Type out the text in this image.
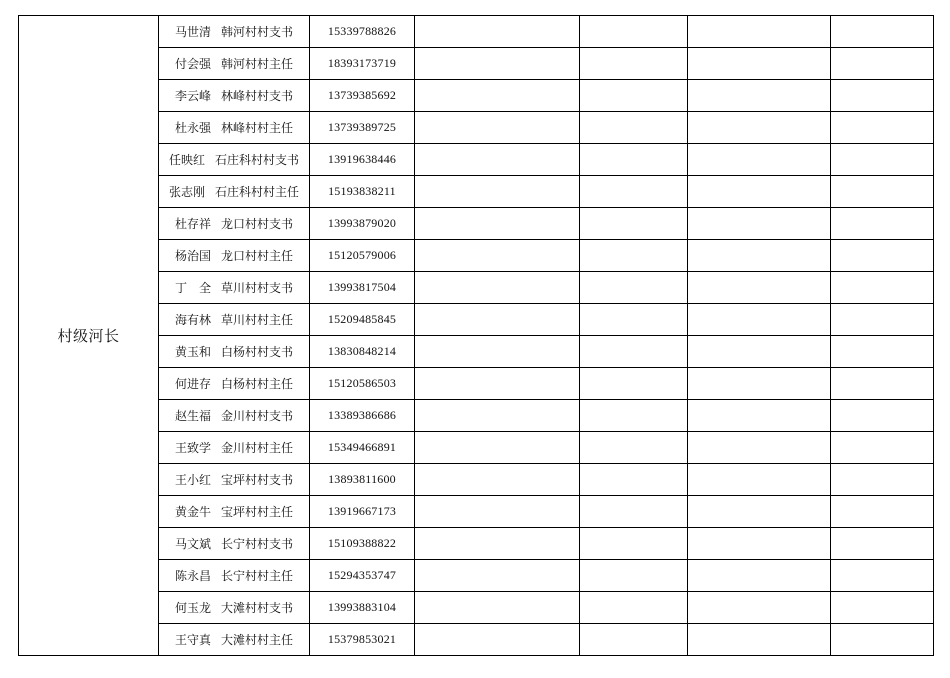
村级河长	马世清 韩河村村支书	15339788826				
	付会强 韩河村村主任	18393173719				
	李云峰 林峰村村支书	13739385692				
	杜永强 林峰村村主任	13739389725				
	任映红 石庄科村村支书	13919638446				
	张志刚 石庄科村村主任	15193838211				
	杜存祥 龙口村村支书	13993879020				
	杨治国 龙口村村主任	15120579006				
	丁　全 草川村村支书	13993817504				
	海有林 草川村村主任	15209485845				
	黄玉和 白杨村村支书	13830848214				
	何进存 白杨村村主任	15120586503				
	赵生福 金川村村支书	13389386686				
	王致学 金川村村主任	15349466891				
	王小红 宝坪村村支书	13893811600				
	黄金牛 宝坪村村主任	13919667173				
	马文斌 长宁村村支书	15109388822				
	陈永昌 长宁村村主任	15294353747				
	何玉龙 大滩村村支书	13993883104				
	王守真 大滩村村主任	15379853021				
